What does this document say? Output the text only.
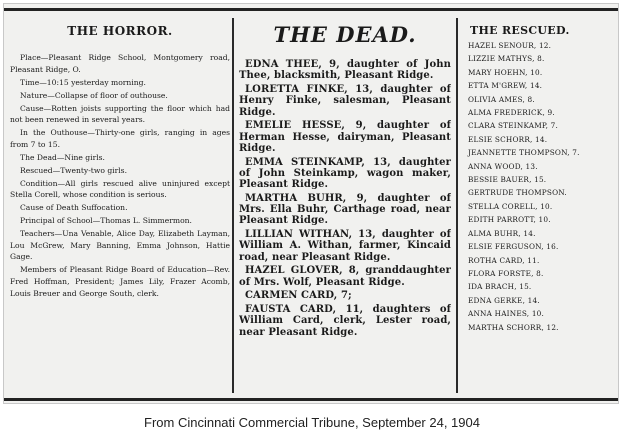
THE HORROR.

Place—Pleasant Ridge School, Montgomery road, Pleasant Ridge, O.

Time—10:15 yesterday morning.

Nature—Collapse of floor of outhouse.

Cause—Rotten joists supporting the floor which had not been renewed in several years.

In the Outhouse—Thirty-one girls, ranging in ages from 7 to 15.

The Dead—Nine girls.

Rescued—Twenty-two girls.

Condition—All girls rescued alive uninjured except Stella Corell, whose condition is serious.

Cause of Death Suffocation.

Principal of School—Thomas L. Simmermon.

Teachers—Una Venable, Alice Day, Elizabeth Layman, Lou McGrew, Mary Banning, Emma Johnson, Hattie Gage.

Members of Pleasant Ridge Board of Education—Rev. Fred Hoffman, President; James Lily, Frazer Acomb, Louis Breuer and George South, clerk.

THE DEAD.

EDNA THEE, 9, daughter of John Thee, blacksmith, Pleasant Ridge.

LORETTA FINKE, 13, daughter of Henry Finke, salesman, Pleasant Ridge.

EMELIE HESSE, 9, daughter of Herman Hesse, dairyman, Pleasant Ridge.

EMMA STEINKAMP, 13, daughter of John Steinkamp, wagon maker, Pleasant Ridge.

MARTHA BUHR, 9, daughter of Mrs. Ella Buhr, Carthage road, near Pleasant Ridge.

LILLIAN WITHAN, 13, daughter of William A. Withan, farmer, Kincaid road, near Pleasant Ridge.

HAZEL GLOVER, 8, granddaughter of Mrs. Wolf, Pleasant Ridge.

CARMEN CARD, 7;

FAUSTA CARD, 11, daughters of William Card, clerk, Lester road, near Pleasant Ridge.

THE RESCUED.
HAZEL SENOUR, 12.
LIZZIE MATHYS, 8.
MARY HOEHN, 10.
ETTA M'GREW, 14.
OLIVIA AMES, 8.
ALMA FREDERICK, 9.
CLARA STEINKAMP, 7.
ELSIE SCHORR, 14.
JEANNETTE THOMPSON, 7.
ANNA WOOD, 13.
BESSIE BAUER, 15.
GERTRUDE THOMPSON.
STELLA CORELL, 10.
EDITH PARROTT, 10.
ALMA BUHR, 14.
ELSIE FERGUSON, 16.
ROTHA CARD, 11.
FLORA FORSTE, 8.
IDA BRACH, 15.
EDNA GERKE, 14.
ANNA HAINES, 10.
MARTHA SCHORR, 12.
From Cincinnati Commercial Tribune, September 24, 1904
